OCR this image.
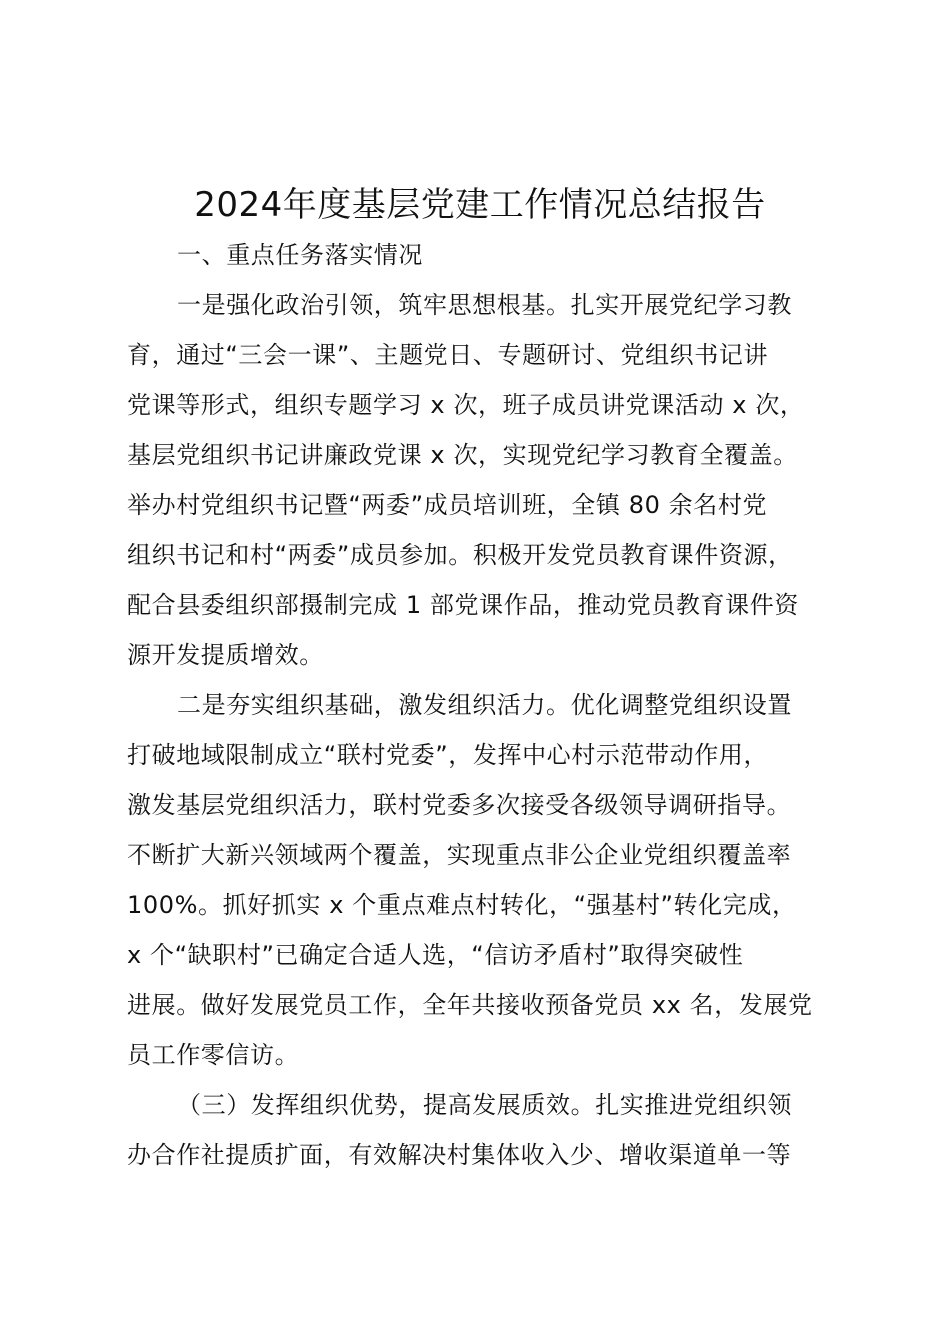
2024年度基层党建工作情况总结报告
一、重点任务落实情况
一是强化政治引领，筑牢思想根基。扎实开展党纪学习教
育，通过“三会一课”、主题党日、专题研讨、党组织书记讲
党课等形式，组织专题学习 x 次，班子成员讲党课活动 x 次，
基层党组织书记讲廉政党课 x 次，实现党纪学习教育全覆盖。
举办村党组织书记暨“两委”成员培训班，全镇 80 余名村党
组织书记和村“两委”成员参加。积极开发党员教育课件资源，
配合县委组织部摄制完成 1 部党课作品，推动党员教育课件资
源开发提质增效。
二是夯实组织基础，激发组织活力。优化调整党组织设置
打破地域限制成立“联村党委”，发挥中心村示范带动作用，
激发基层党组织活力，联村党委多次接受各级领导调研指导。
不断扩大新兴领域两个覆盖，实现重点非公企业党组织覆盖率
100%。抓好抓实 x 个重点难点村转化，“强基村”转化完成，
x 个“缺职村”已确定合适人选，“信访矛盾村”取得突破性
进展。做好发展党员工作，全年共接收预备党员 xx 名，发展党
员工作零信访。
（三）发挥组织优势，提高发展质效。扎实推进党组织领
办合作社提质扩面，有效解决村集体收入少、增收渠道单一等
